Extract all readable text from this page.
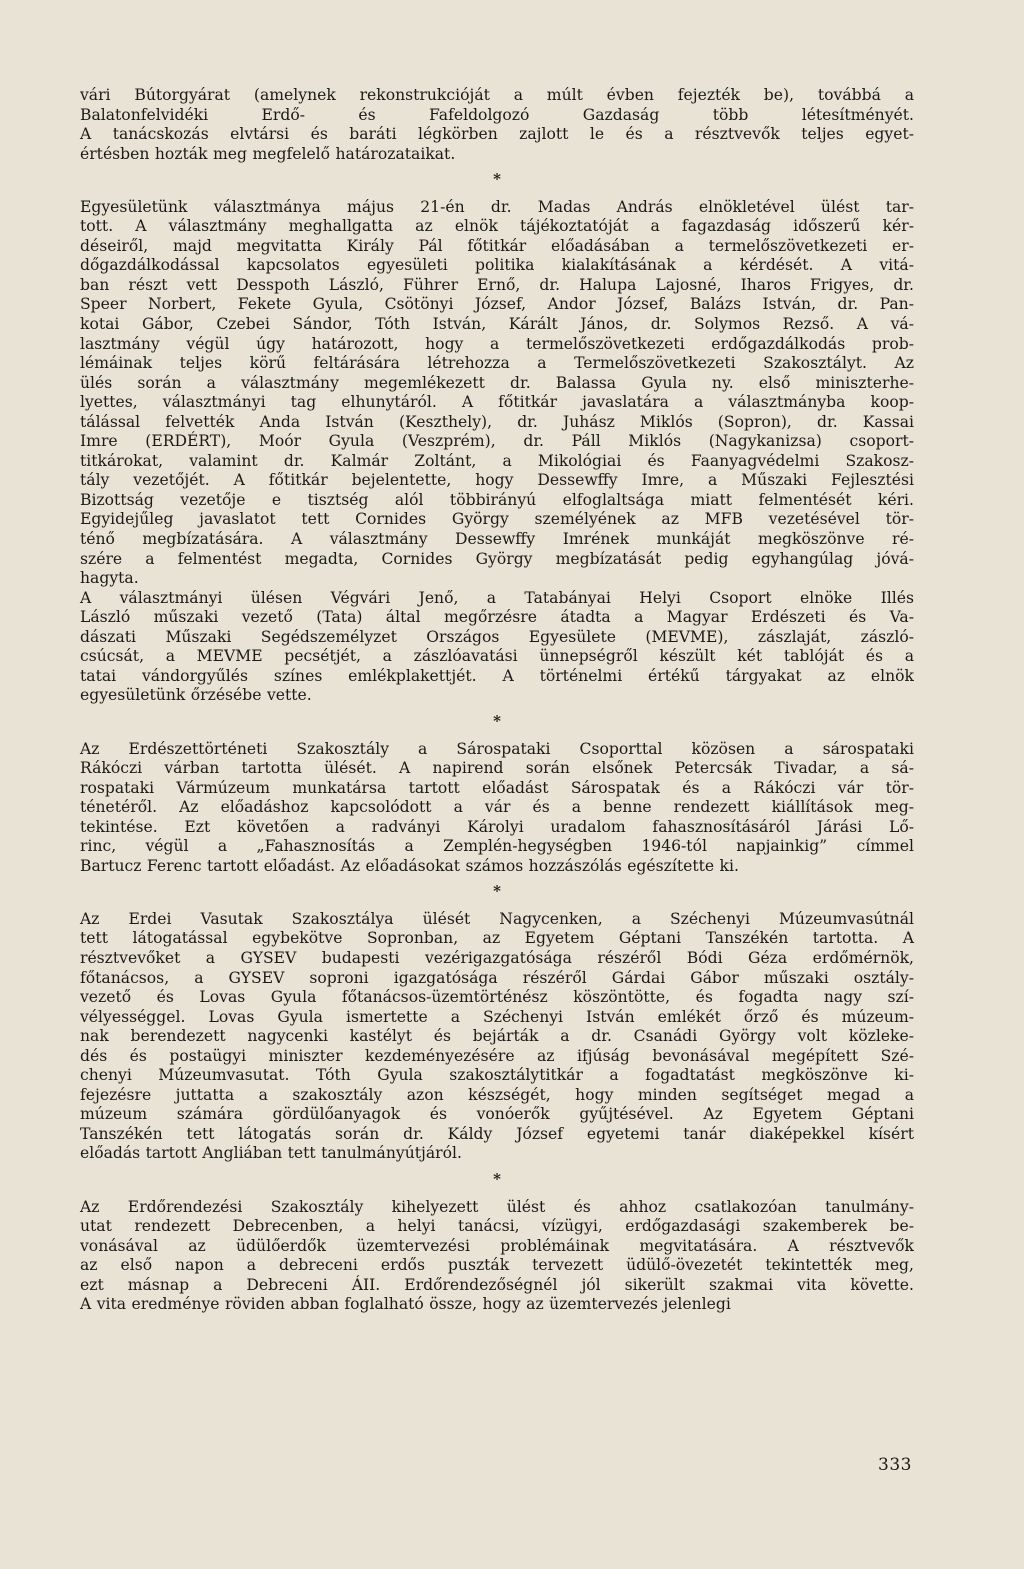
vári Bútorgyárat (amelynek rekonstrukcióját a múlt évben fejezték be), továbbá a
Balatonfelvidéki Erdő- és Fafeldolgozó Gazdaság több létesítményét.
A tanácskozás elvtársi és baráti légkörben zajlott le és a résztvevők teljes egyet-
értésben hozták meg megfelelő határozataikat.
*
Egyesületünk választmánya május 21-én dr. Madas András elnökletével ülést tar-
tott. A választmány meghallgatta az elnök tájékoztatóját a fagazdaság időszerű kér-
déseiről, majd megvitatta Király Pál főtitkár előadásában a termelőszövetkezeti er-
dőgazdálkodással kapcsolatos egyesületi politika kialakításának a kérdését. A vitá-
ban részt vett Desspoth László, Führer Ernő, dr. Halupa Lajosné, Iharos Frigyes, dr.
Speer Norbert, Fekete Gyula, Csötönyi József, Andor József, Balázs István, dr. Pan-
kotai Gábor, Czebei Sándor, Tóth István, Kárált János, dr. Solymos Rezső. A vá-
lasztmány végül úgy határozott, hogy a termelőszövetkezeti erdőgazdálkodás prob-
lémáinak teljes körű feltárására létrehozza a Termelőszövetkezeti Szakosztályt. Az
ülés során a választmány megemlékezett dr. Balassa Gyula ny. első miniszterhe-
lyettes, választmányi tag elhunytáról. A főtitkár javaslatára a választmányba koop-
tálással felvették Anda István (Keszthely), dr. Juhász Miklós (Sopron), dr. Kassai
Imre (ERDÉRT), Moór Gyula (Veszprém), dr. Páll Miklós (Nagykanizsa) csoport-
titkárokat, valamint dr. Kalmár Zoltánt, a Mikológiai és Faanyagvédelmi Szakosz-
tály vezetőjét. A főtitkár bejelentette, hogy Dessewffy Imre, a Műszaki Fejlesztési
Bizottság vezetője e tisztség alól többirányú elfoglaltsága miatt felmentését kéri.
Egyidejűleg javaslatot tett Cornides György személyének az MFB vezetésével tör-
ténő megbízatására. A választmány Dessewffy Imrének munkáját megköszönve ré-
szére a felmentést megadta, Cornides György megbízatását pedig egyhangúlag jóvá-
hagyta.
A választmányi ülésen Végvári Jenő, a Tatabányai Helyi Csoport elnöke Illés
László műszaki vezető (Tata) által megőrzésre átadta a Magyar Erdészeti és Va-
dászati Műszaki Segédszemélyzet Országos Egyesülete (MEVME), zászlaját, zászló-
csúcsát, a MEVME pecsétjét, a zászlóavatási ünnepségről készült két tablóját és a
tatai vándorgyűlés színes emlékplakettjét. A történelmi értékű tárgyakat az elnök
egyesületünk őrzésébe vette.
*
Az Erdészettörténeti Szakosztály a Sárospataki Csoporttal közösen a sárospataki
Rákóczi várban tartotta ülését. A napirend során elsőnek Petercsák Tivadar, a sá-
rospataki Vármúzeum munkatársa tartott előadást Sárospatak és a Rákóczi vár tör-
ténetéről. Az előadáshoz kapcsolódott a vár és a benne rendezett kiállítások meg-
tekintése. Ezt követően a radványi Károlyi uradalom fahasznosításáról Járási Lő-
rinc, végül a „Fahasznosítás a Zemplén-hegységben 1946-tól napjainkig” címmel
Bartucz Ferenc tartott előadást. Az előadásokat számos hozzászólás egészítette ki.
*
Az Erdei Vasutak Szakosztálya ülését Nagycenken, a Széchenyi Múzeumvasútnál
tett látogatással egybekötve Sopronban, az Egyetem Géptani Tanszékén tartotta. A
résztvevőket a GYSEV budapesti vezérigazgatósága részéről Bódi Géza erdőmérnök,
főtanácsos, a GYSEV soproni igazgatósága részéről Gárdai Gábor műszaki osztály-
vezető és Lovas Gyula főtanácsos-üzemtörténész köszöntötte, és fogadta nagy szí-
vélyességgel. Lovas Gyula ismertette a Széchenyi István emlékét őrző és múzeum-
nak berendezett nagycenki kastélyt és bejárták a dr. Csanádi György volt közleke-
dés és postaügyi miniszter kezdeményezésére az ifjúság bevonásával megépített Szé-
chenyi Múzeumvasutat. Tóth Gyula szakosztálytitkár a fogadtatást megköszönve ki-
fejezésre juttatta a szakosztály azon készségét, hogy minden segítséget megad a
múzeum számára gördülőanyagok és vonóerők gyűjtésével. Az Egyetem Géptani
Tanszékén tett látogatás során dr. Káldy József egyetemi tanár diaképekkel kísért
előadás tartott Angliában tett tanulmányútjáról.
*
Az Erdőrendezési Szakosztály kihelyezett ülést és ahhoz csatlakozóan tanulmány-
utat rendezett Debrecenben, a helyi tanácsi, vízügyi, erdőgazdasági szakemberek be-
vonásával az üdülőerdők üzemtervezési problémáinak megvitatására. A résztvevők
az első napon a debreceni erdős puszták tervezett üdülő-övezetét tekintették meg,
ezt másnap a Debreceni ÁII. Erdőrendezőségnél jól sikerült szakmai vita követte.
A vita eredménye röviden abban foglalható össze, hogy az üzemtervezés jelenlegi
333
